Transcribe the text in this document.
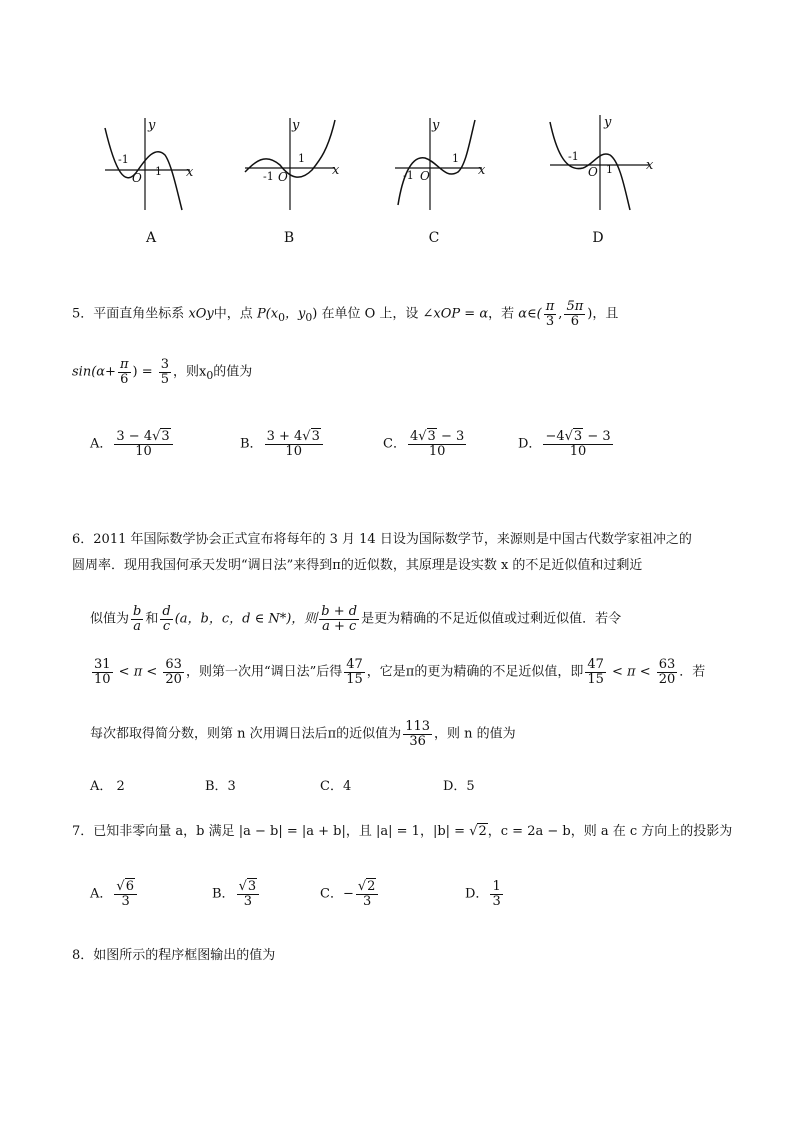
y
x
-1
1
O
A
y
x
-1
1
O
B
y
x
-1
1
O
C
y
x
-1
1
O
D
5．平面直角坐标系 xOy中，点 $P(x_0$，$y_0$) 在单位 O 上，设 ∠xOP = α，若 α∈( $\frac{\pi}{3}$ , $\frac{5\pi}{6}$ )，且
$\sin(\alpha+ \frac{\pi}{6}$ ) = $\frac{3}{5}$ ，则$x_0$的值为
A． $\frac{3 - 4√3}{10}$	B． $\frac{3 + 4√3}{10}$	C． $\frac{4√3 - 3}{10}$	D． $\frac{-4√3 - 3}{10}$
6．2011 年国际数学协会正式宣布将每年的 3 月 14 日设为国际数学节，来源则是中国古代数学家祖冲之的
圆周率．现用我国何承天发明“调日法”来得到π的近似数，其原理是设实数 x 的不足近似值和过剩近
似值为 $\frac{b}{a}$ 和 $\frac{d}{c} (a$，b，c，d ∈ N*)，则 $\frac{b + d}{a + c}$ 是更为精确的不足近似值或过剩近似值．若令
$\frac{31}{10} < \pi < \frac{63}{20}$ ，则第一次用“调日法”后得 $\frac{47}{15}$ ，它是π的更为精确的不足近似值，即 $\frac{47}{15} < \pi < \frac{63}{20}$ ．若
每次都取得简分数，则第 n 次用调日法后π的近似值为 $\frac{113}{36}$ ，则 n 的值为
A． 2	B．3	C．4	D．5
7．已知非零向量 a，b 满足 |a − b| = |a + b|，且 |a| = 1，|b| = √2，c = 2a − b，则 a 在 c 方向上的投影为
A． $\frac{√6}{3}$	B． $\frac{√3}{3}$	C．− $\frac{√2}{3}$	D． $\frac{1}{3}$
8．如图所示的程序框图输出的值为
